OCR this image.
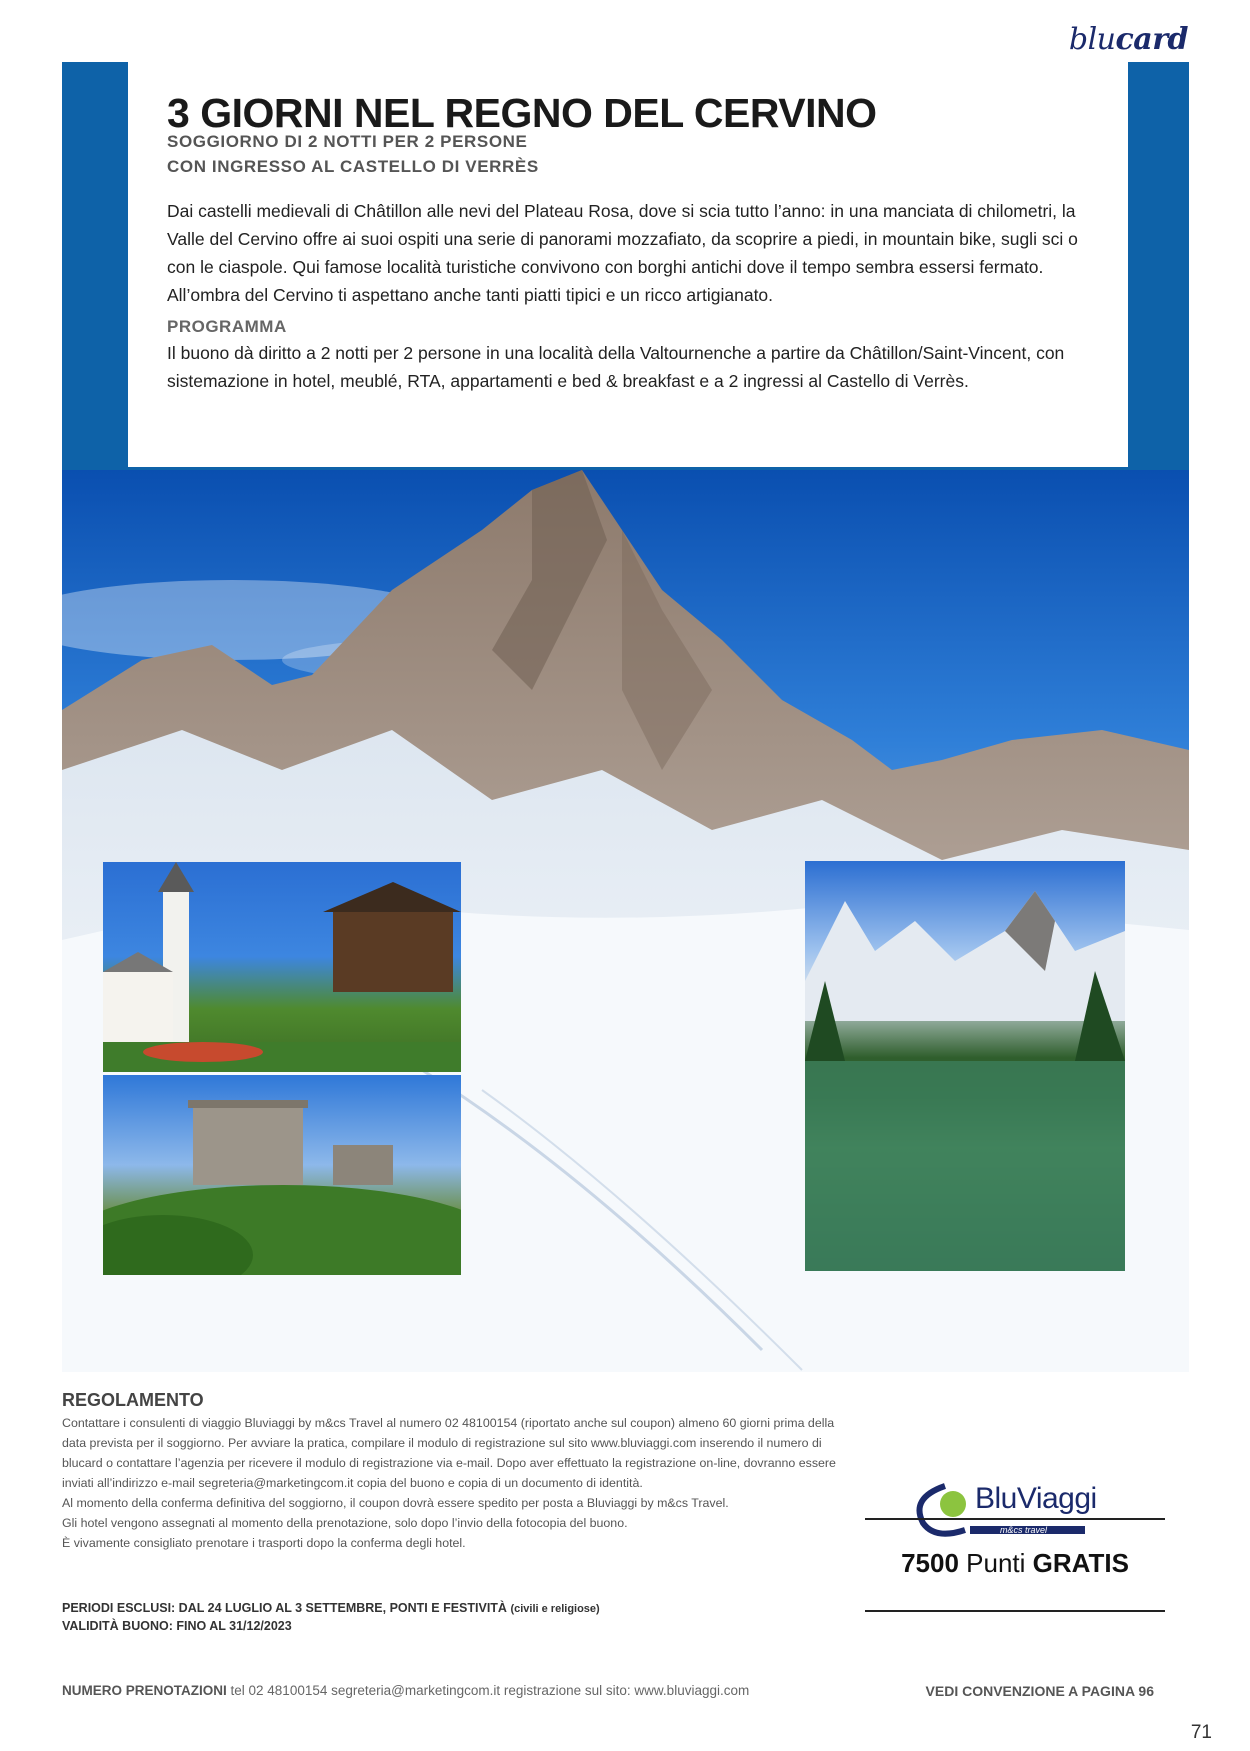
blucard
3 GIORNI NEL REGNO DEL CERVINO
SOGGIORNO DI 2 NOTTI PER 2 PERSONE
CON INGRESSO AL CASTELLO DI VERRÈS
Dai castelli medievali di Châtillon alle nevi del Plateau Rosa, dove si scia tutto l’anno: in una manciata di chilometri, la Valle del Cervino offre ai suoi ospiti una serie di panorami mozzafiato, da scoprire a piedi, in mountain bike, sugli sci o con le ciaspole. Qui famose località turistiche convivono con borghi antichi dove il tempo sembra essersi fermato. All’ombra del Cervino ti aspettano anche tanti piatti tipici e un ricco artigianato.
PROGRAMMA
Il buono dà diritto a 2 notti per 2 persone in una località della Valtournenche a partire da Châtillon/Saint-Vincent, con sistemazione in hotel, meublé, RTA, appartamenti e bed & breakfast e a 2 ingressi al Castello di Verrès.
REGOLAMENTO

Contattare i consulenti di viaggio Bluviaggi by m&cs Travel al numero 02 48100154 (riportato anche sul coupon) almeno 60 giorni prima della data prevista per il soggiorno. Per avviare la pratica, compilare il modulo di registrazione sul sito www.bluviaggi.com inserendo il numero di blucard o contattare l’agenzia per ricevere il modulo di registrazione via e-mail. Dopo aver effettuato la registrazione on-line, dovranno essere inviati all’indirizzo e-mail segreteria@marketingcom.it copia del buono e copia di un documento di identità.

Al momento della conferma definitiva del soggiorno, il coupon dovrà essere spedito per posta a Bluviaggi by m&cs Travel.

Gli hotel vengono assegnati al momento della prenotazione, solo dopo l’invio della fotocopia del buono.

È vivamente consigliato prenotare i trasporti dopo la conferma degli hotel.

PERIODI ESCLUSI: DAL 24 LUGLIO AL 3 SETTEMBRE, PONTI E FESTIVITÀ (civili e religiose)
VALIDITÀ BUONO: FINO AL 31/12/2023
BluViaggi
m&cs travel
7500 Punti GRATIS
NUMERO PRENOTAZIONI tel 02 48100154 segreteria@marketingcom.it registrazione sul sito: www.bluviaggi.com	VEDI CONVENZIONE A PAGINA 96
71
